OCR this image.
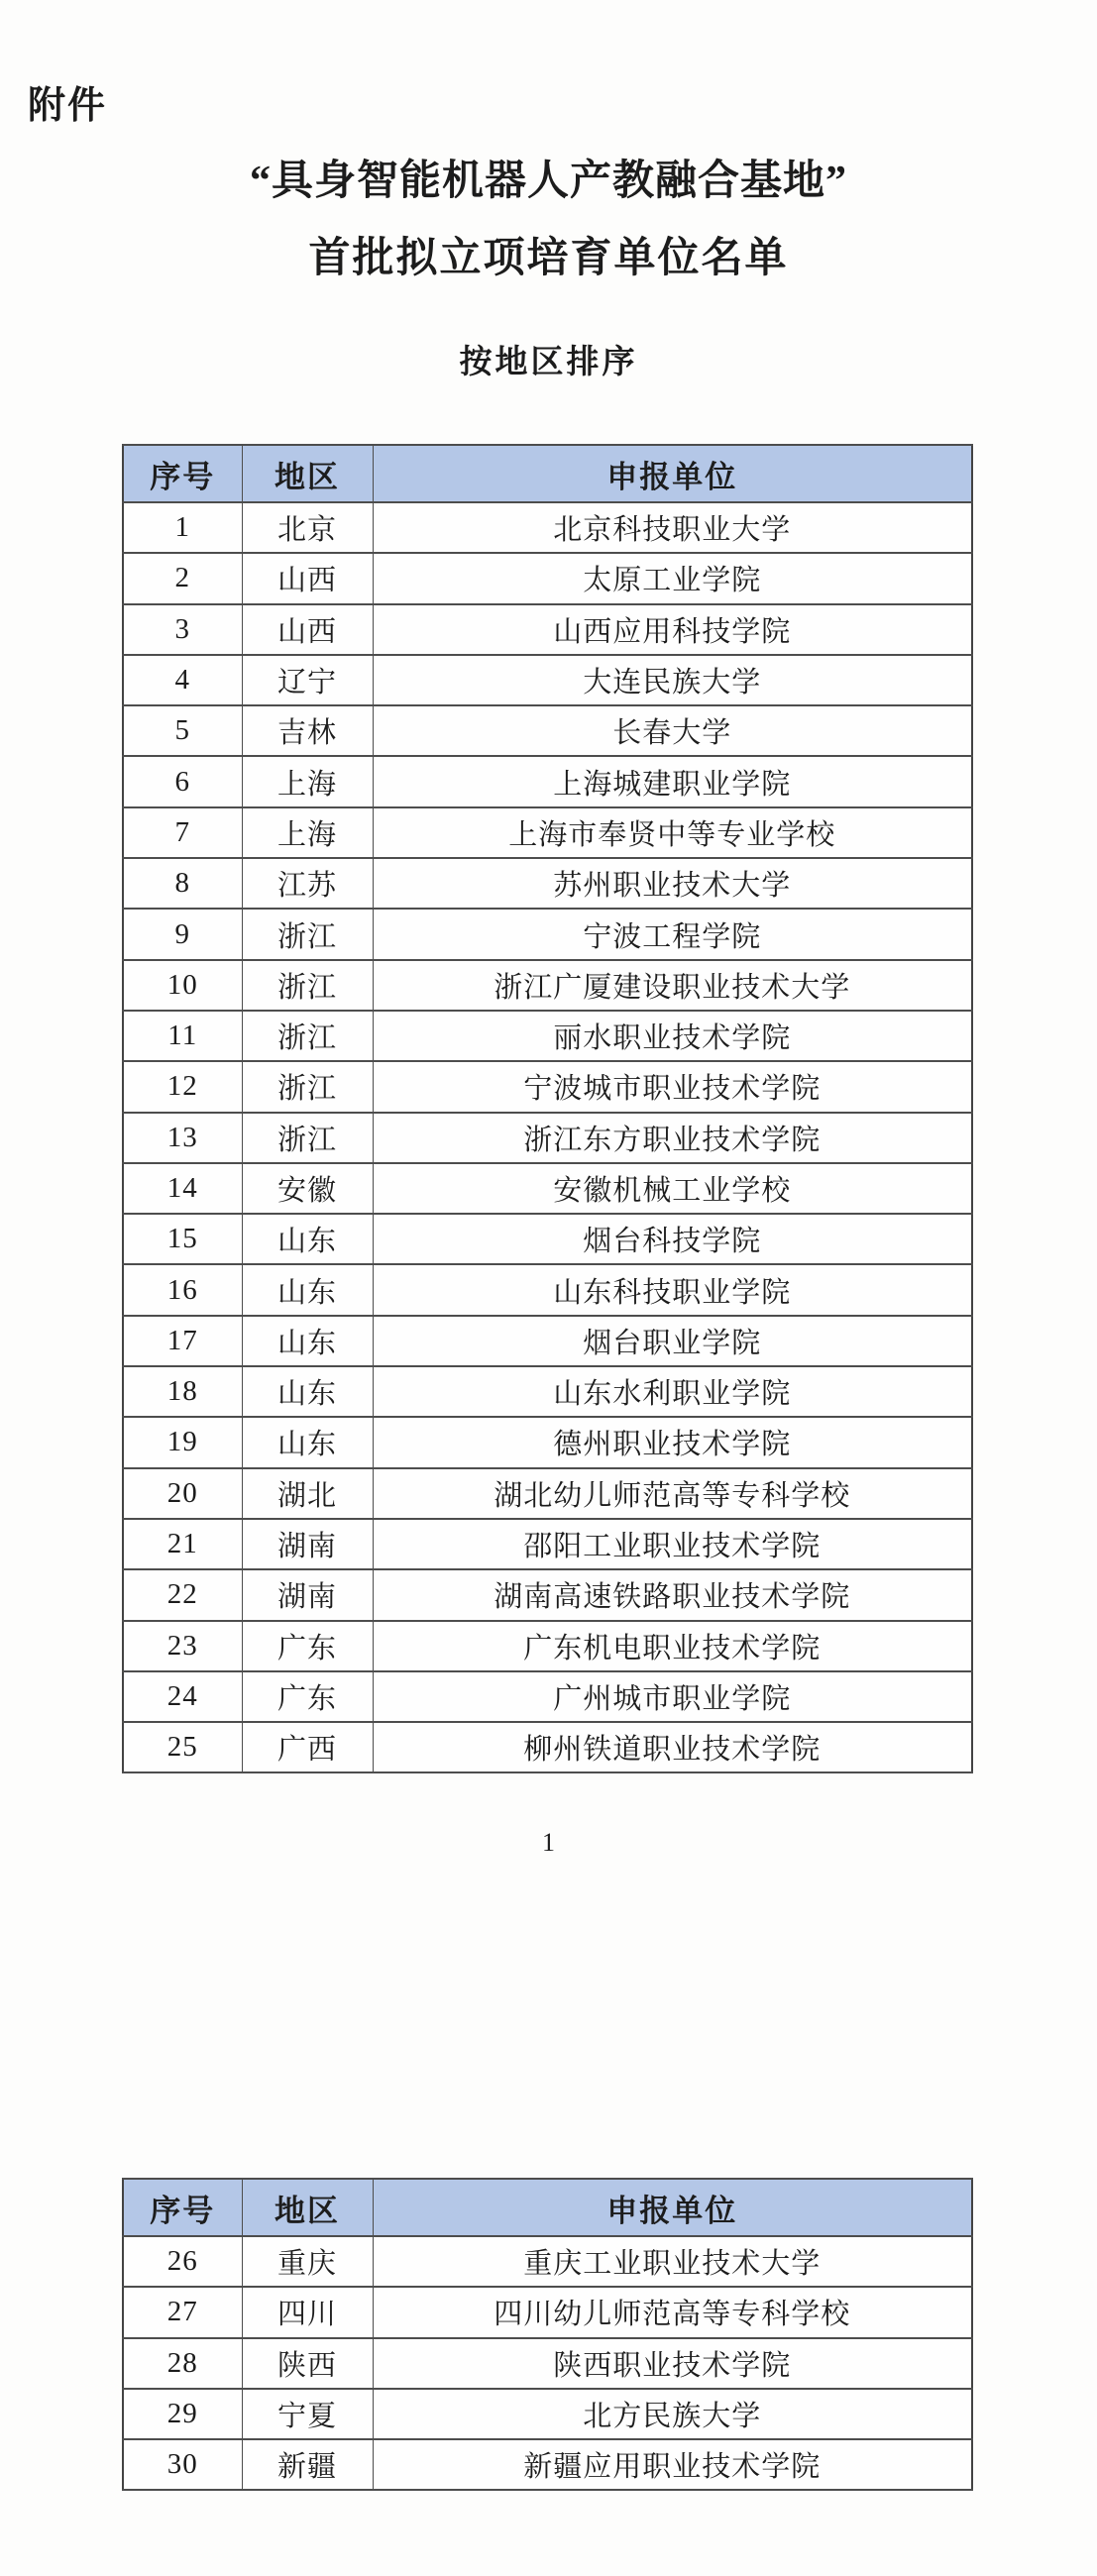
附件
“具身智能机器人产教融合基地”
首批拟立项培育单位名单
按地区排序
序号	地区	申报单位
1	北京	北京科技职业大学
2	山西	太原工业学院
3	山西	山西应用科技学院
4	辽宁	大连民族大学
5	吉林	长春大学
6	上海	上海城建职业学院
7	上海	上海市奉贤中等专业学校
8	江苏	苏州职业技术大学
9	浙江	宁波工程学院
10	浙江	浙江广厦建设职业技术大学
11	浙江	丽水职业技术学院
12	浙江	宁波城市职业技术学院
13	浙江	浙江东方职业技术学院
14	安徽	安徽机械工业学校
15	山东	烟台科技学院
16	山东	山东科技职业学院
17	山东	烟台职业学院
18	山东	山东水利职业学院
19	山东	德州职业技术学院
20	湖北	湖北幼儿师范高等专科学校
21	湖南	邵阳工业职业技术学院
22	湖南	湖南高速铁路职业技术学院
23	广东	广东机电职业技术学院
24	广东	广州城市职业学院
25	广西	柳州铁道职业技术学院
1
序号	地区	申报单位
26	重庆	重庆工业职业技术大学
27	四川	四川幼儿师范高等专科学校
28	陕西	陕西职业技术学院
29	宁夏	北方民族大学
30	新疆	新疆应用职业技术学院
